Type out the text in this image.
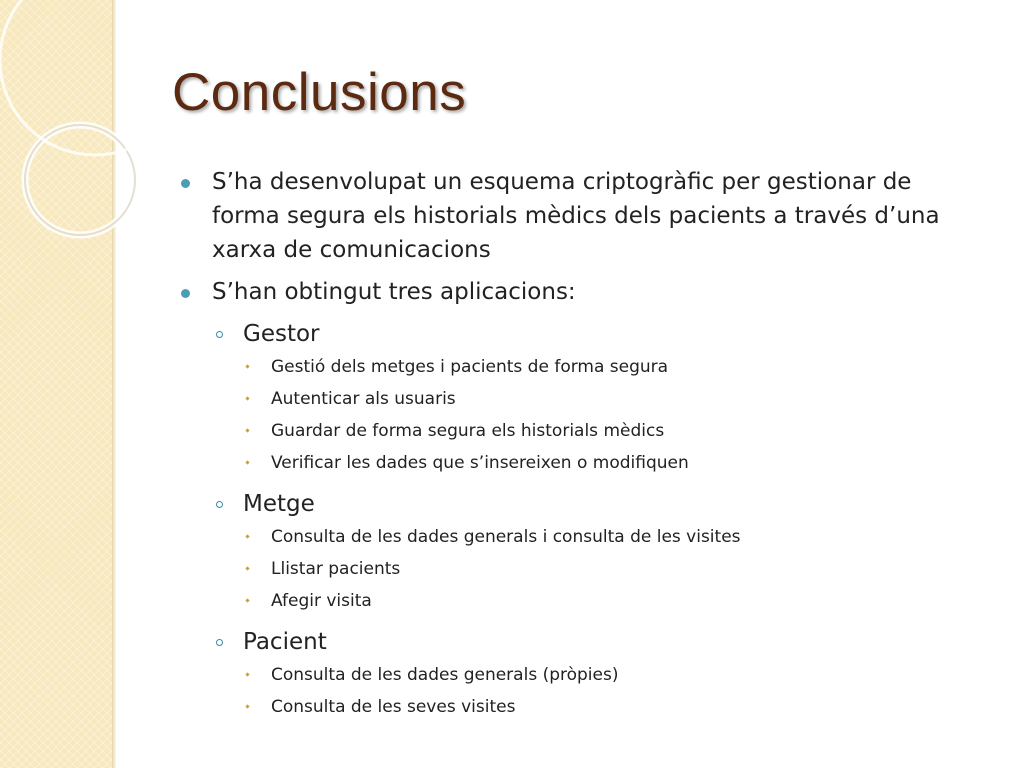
Conclusions
S’ha desenvolupat un esquema criptogràfic per gestionar de forma segura els historials mèdics dels pacients a través d’una xarxa de comunicacions
S’han obtingut tres aplicacions:
Gestor
Gestió dels metges i pacients de forma segura
Autenticar als usuaris
Guardar de forma segura els historials mèdics
Verificar les dades que s’insereixen o modifiquen
Metge
Consulta de les dades generals i consulta de les visites
Llistar pacients
Afegir visita
Pacient
Consulta de les dades generals (pròpies)
Consulta de les seves visites
